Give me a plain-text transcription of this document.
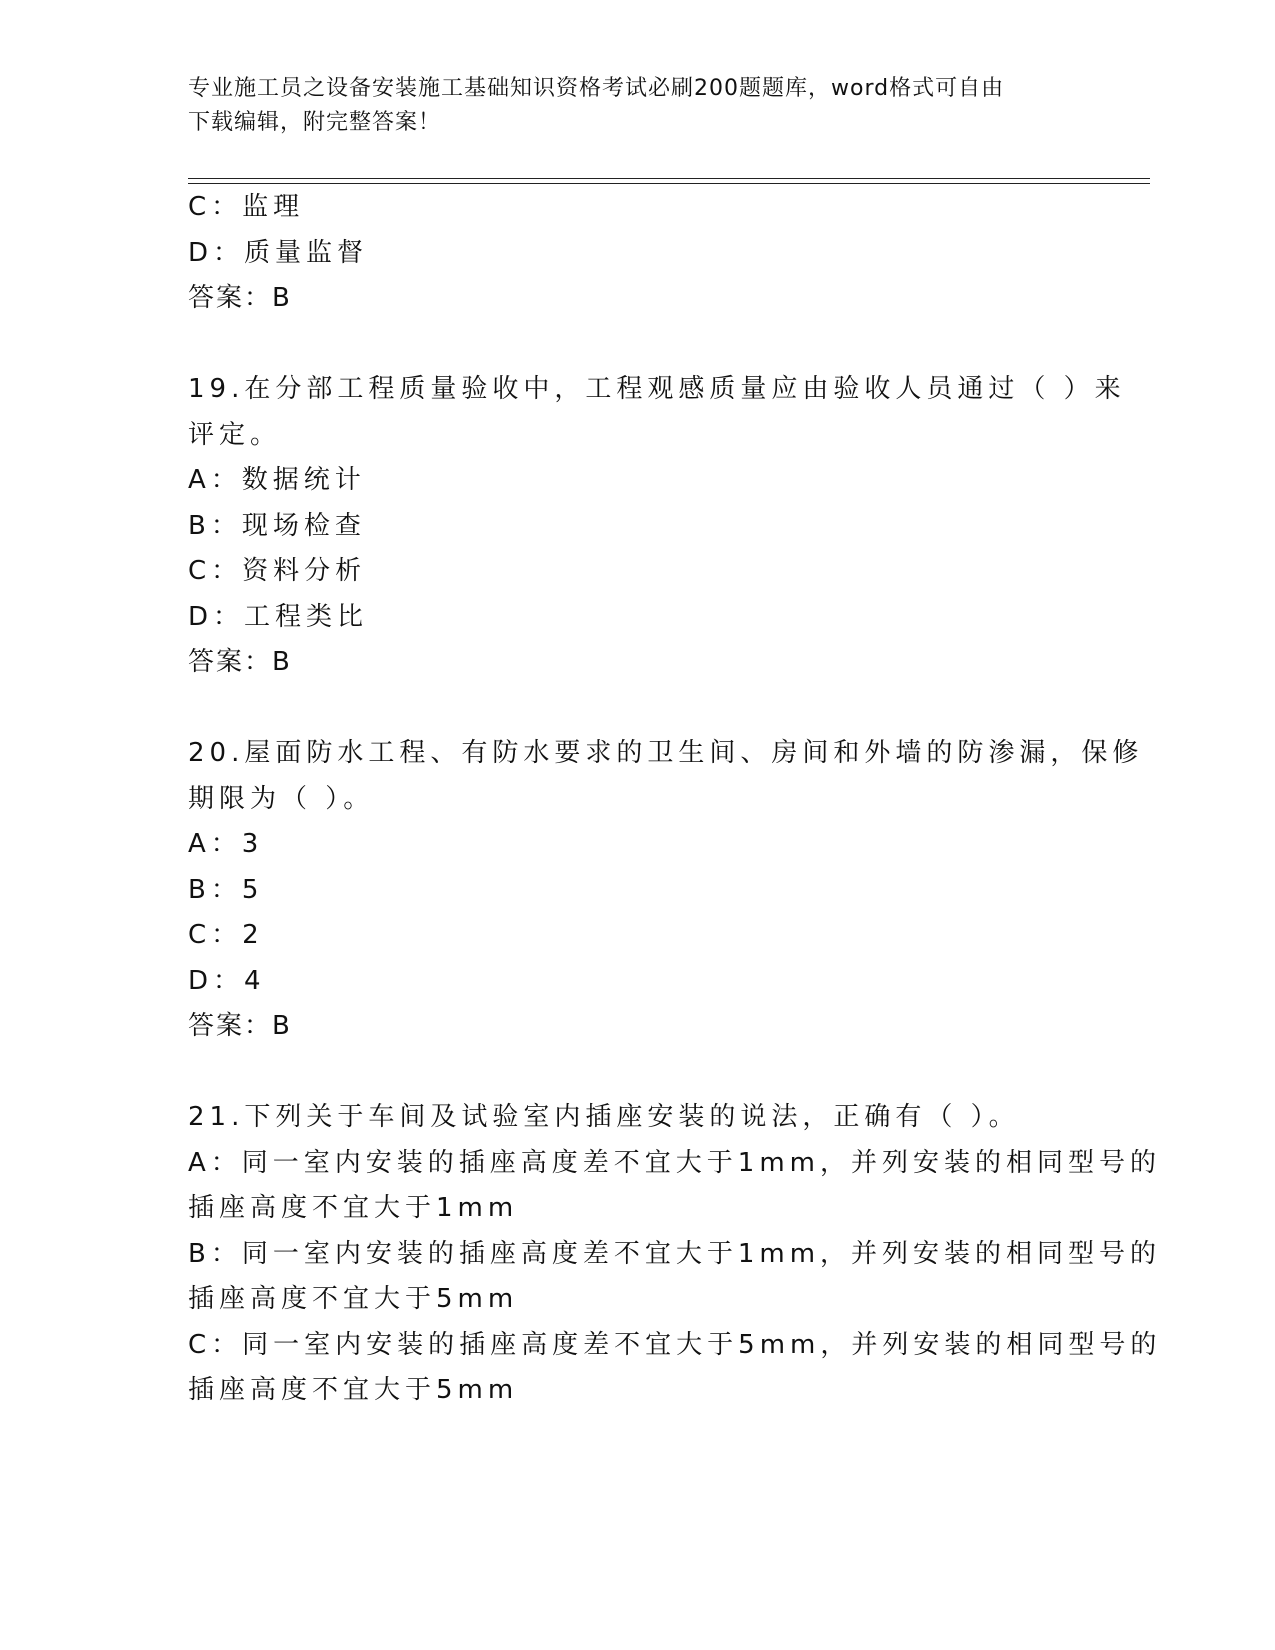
专业施工员之设备安装施工基础知识资格考试必刷200题题库，word格式可自由
下载编辑，附完整答案！
C：监理
D：质量监督
答案：B
19.在分部工程质量验收中，工程观感质量应由验收人员通过（ ）来
评定。
A：数据统计
B：现场检查
C：资料分析
D：工程类比
答案：B
20.屋面防水工程、有防水要求的卫生间、房间和外墙的防渗漏，保修
期限为（ ）。
A：3
B：5
C：2
D：4
答案：B
21.下列关于车间及试验室内插座安装的说法，正确有（ ）。
A：同一室内安装的插座高度差不宜大于1mm，并列安装的相同型号的
插座高度不宜大于1mm
B：同一室内安装的插座高度差不宜大于1mm，并列安装的相同型号的
插座高度不宜大于5mm
C：同一室内安装的插座高度差不宜大于5mm，并列安装的相同型号的
插座高度不宜大于5mm
